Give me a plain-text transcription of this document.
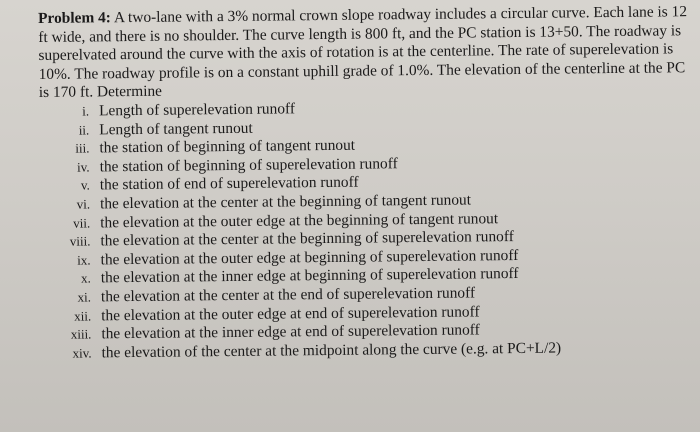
Problem 4: A two-lane with a 3% normal crown slope roadway includes a circular curve. Each lane is 12 ft wide, and there is no shoulder. The curve length is 800 ft, and the PC station is 13+50. The roadway is superelvated around the curve with the axis of rotation is at the centerline. The rate of superelevation is 10%. The roadway profile is on a constant uphill grade of 1.0%. The elevation of the centerline at the PC is 170 ft. Determine

i. Length of superelevation runoff
ii. Length of tangent runout
iii. the station of beginning of tangent runout
iv. the station of beginning of superelevation runoff
v. the station of end of superelevation runoff
vi. the elevation at the center at the beginning of tangent runout
vii. the elevation at the outer edge at the beginning of tangent runout
viii. the elevation at the center at the beginning of superelevation runoff
ix. the elevation at the outer edge at beginning of superelevation runoff
x. the elevation at the inner edge at beginning of superelevation runoff
xi. the elevation at the center at the end of superelevation runoff
xii. the elevation at the outer edge at end of superelevation runoff
xiii. the elevation at the inner edge at end of superelevation runoff
xiv. the elevation of the center at the midpoint along the curve (e.g. at PC+L/2)
